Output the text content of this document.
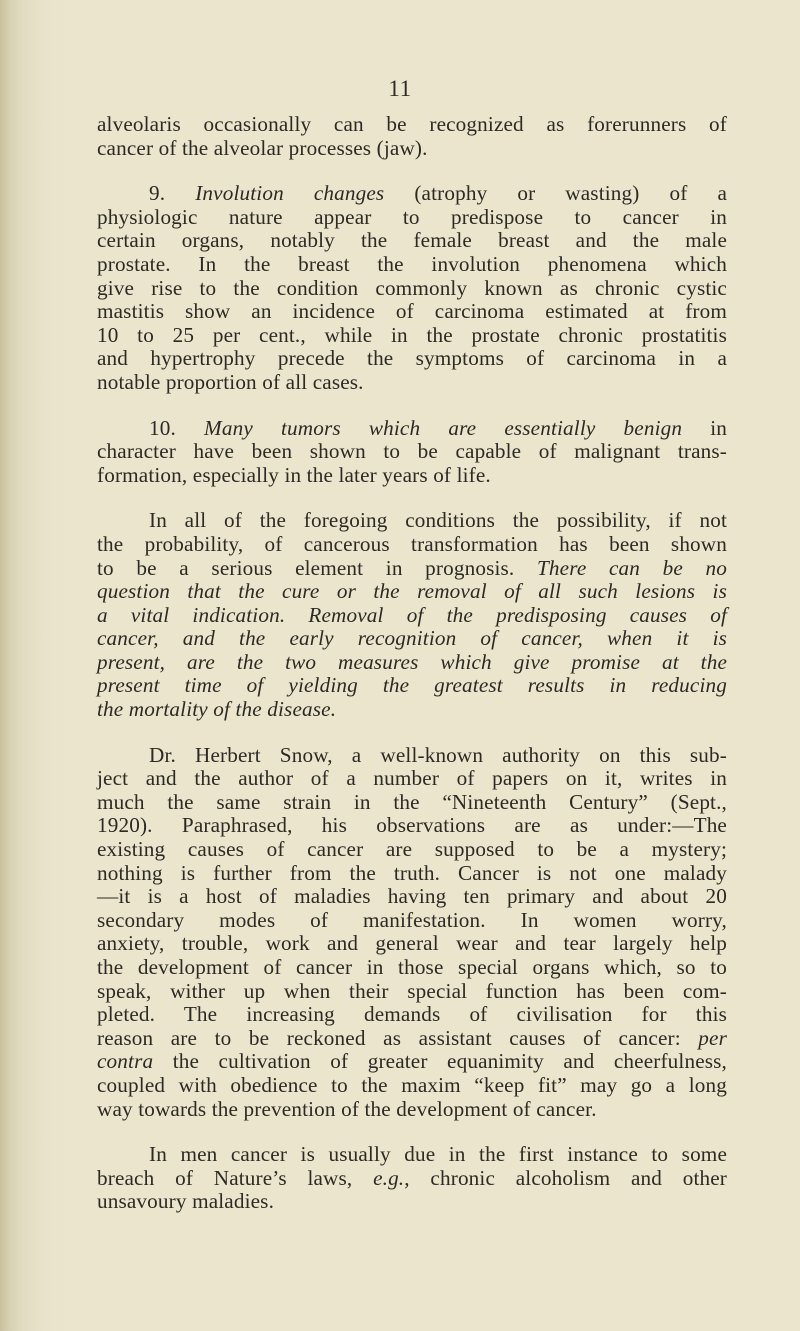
11
alveolaris occasionally can be recognized as forerunners of
cancer of the alveolar processes (jaw).
9. Involution changes (atrophy or wasting) of a
physiologic nature appear to predispose to cancer in
certain organs, notably the female breast and the male
prostate. In the breast the involution phenomena which
give rise to the condition commonly known as chronic cystic
mastitis show an incidence of carcinoma estimated at from
10 to 25 per cent., while in the prostate chronic prostatitis
and hypertrophy precede the symptoms of carcinoma in a
notable proportion of all cases.
10. Many tumors which are essentially benign in
character have been shown to be capable of malignant trans-
formation, especially in the later years of life.
In all of the foregoing conditions the possibility, if not
the probability, of cancerous transformation has been shown
to be a serious element in prognosis. There can be no
question that the cure or the removal of all such lesions is
a vital indication. Removal of the predisposing causes of
cancer, and the early recognition of cancer, when it is
present, are the two measures which give promise at the
present time of yielding the greatest results in reducing
the mortality of the disease.
Dr. Herbert Snow, a well-known authority on this sub-
ject and the author of a number of papers on it, writes in
much the same strain in the “Nineteenth Century” (Sept.,
1920). Paraphrased, his observations are as under:—The
existing causes of cancer are supposed to be a mystery;
nothing is further from the truth. Cancer is not one malady
—it is a host of maladies having ten primary and about 20
secondary modes of manifestation. In women worry,
anxiety, trouble, work and general wear and tear largely help
the development of cancer in those special organs which, so to
speak, wither up when their special function has been com-
pleted. The increasing demands of civilisation for this
reason are to be reckoned as assistant causes of cancer: per
contra the cultivation of greater equanimity and cheerfulness,
coupled with obedience to the maxim “keep fit” may go a long
way towards the prevention of the development of cancer.
In men cancer is usually due in the first instance to some
breach of Nature’s laws, e.g., chronic alcoholism and other
unsavoury maladies.
